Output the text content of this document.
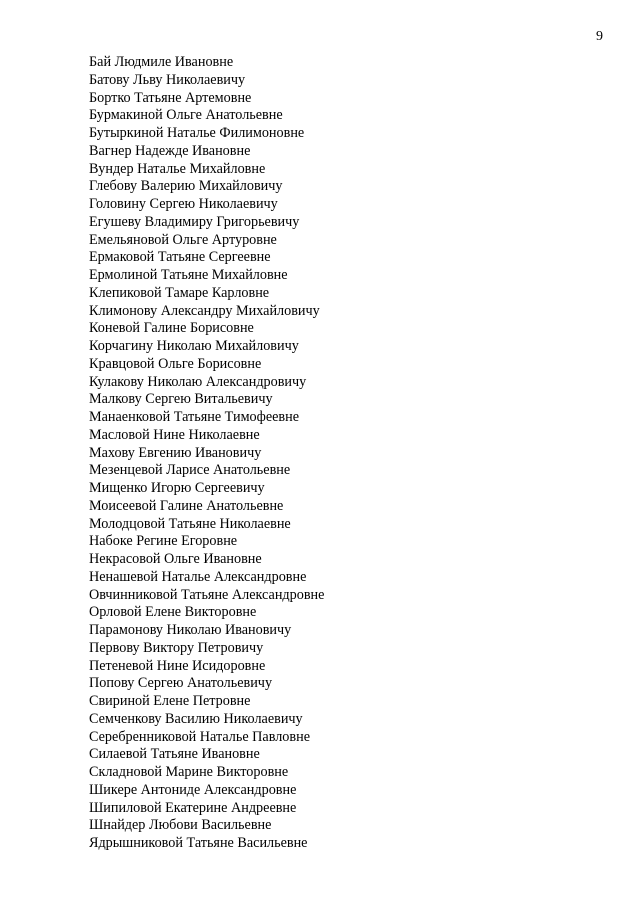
9
Бай Людмиле Ивановне
Батову Льву Николаевичу
Бортко Татьяне Артемовне
Бурмакиной Ольге Анатольевне
Бутыркиной Наталье Филимоновне
Вагнер Надежде Ивановне
Вундер Наталье Михайловне
Глебову Валерию Михайловичу
Головину Сергею Николаевичу
Егушеву Владимиру Григорьевичу
Емельяновой Ольге Артуровне
Ермаковой Татьяне Сергеевне
Ермолиной Татьяне Михайловне
Клепиковой Тамаре Карловне
Климонову Александру Михайловичу
Коневой Галине Борисовне
Корчагину Николаю Михайловичу
Кравцовой Ольге Борисовне
Кулакову Николаю Александровичу
Малкову Сергею Витальевичу
Манаенковой Татьяне Тимофеевне
Масловой Нине Николаевне
Махову Евгению Ивановичу
Мезенцевой Ларисе Анатольевне
Мищенко Игорю Сергеевичу
Моисеевой Галине Анатольевне
Молодцовой Татьяне Николаевне
Набоке Регине Егоровне
Некрасовой Ольге Ивановне
Ненашевой Наталье Александровне
Овчинниковой Татьяне Александровне
Орловой Елене Викторовне
Парамонову Николаю Ивановичу
Первову Виктору Петровичу
Петеневой Нине Исидоровне
Попову Сергею Анатольевичу
Свириной Елене Петровне
Семченкову Василию Николаевичу
Серебренниковой Наталье Павловне
Силаевой Татьяне Ивановне
Складновой Марине Викторовне
Шикере Антониде Александровне
Шипиловой Екатерине Андреевне
Шнайдер Любови Васильевне
Ядрышниковой Татьяне Васильевне
